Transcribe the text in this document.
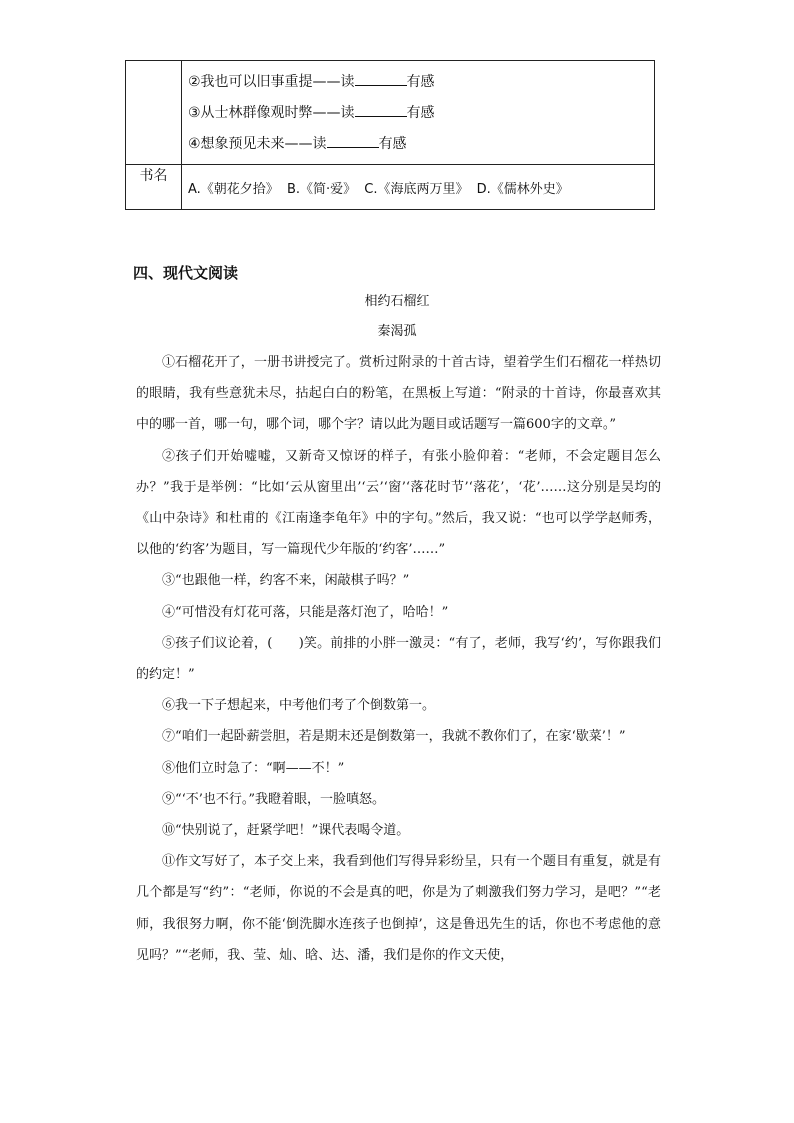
	②我也可以旧事重提——读 有感
③从士林群像观时弊——读 有感
④想象预见未来——读 有感

书名	A.《朝花夕拾》 B.《简·爱》 C.《海底两万里》 D.《儒林外史》
四、现代文阅读
相约石榴红
秦渴孤

①石榴花开了，一册书讲授完了。赏析过附录的十首古诗，望着学生们石榴花一样热切的眼睛，我有些意犹未尽，拈起白白的粉笔，在黑板上写道：“附录的十首诗，你最喜欢其中的哪一首，哪一句，哪个词，哪个字？请以此为题目或话题写一篇600字的文章。”

②孩子们开始嘘嘘，又新奇又惊讶的样子，有张小脸仰着：“老师，不会定题目怎么办？”我于是举例：“比如‘云从窗里出’‘云’‘窗’‘落花时节’‘落花’，‘花’……这分别是吴均的《山中杂诗》和杜甫的《江南逢李龟年》中的字句。”然后，我又说：“也可以学学赵师秀，以他的‘约客’为题目，写一篇现代少年版的‘约客’……”

③“也跟他一样，约客不来，闲敲棋子吗？”

④“可惜没有灯花可落，只能是落灯泡了，哈哈！”

⑤孩子们议论着，(　　)笑。前排的小胖一激灵：“有了，老师，我写‘约’，写你跟我们的约定！”

⑥我一下子想起来，中考他们考了个倒数第一。

⑦“咱们一起卧薪尝胆，若是期末还是倒数第一，我就不教你们了，在家‘歇菜’！”

⑧他们立时急了：“啊——不！”

⑨“‘不’也不行。”我瞪着眼，一脸嗔怒。

⑩“快别说了，赶紧学吧！”课代表喝令道。

⑪作文写好了，本子交上来，我看到他们写得异彩纷呈，只有一个题目有重复，就是有几个都是写“约”：“老师，你说的不会是真的吧，你是为了刺激我们努力学习，是吧？”“老师，我很努力啊，你不能‘倒洗脚水连孩子也倒掉’，这是鲁迅先生的话，你也不考虑他的意见吗？”“老师，我、莹、灿、晗、达、潘，我们是你的作文天使，
